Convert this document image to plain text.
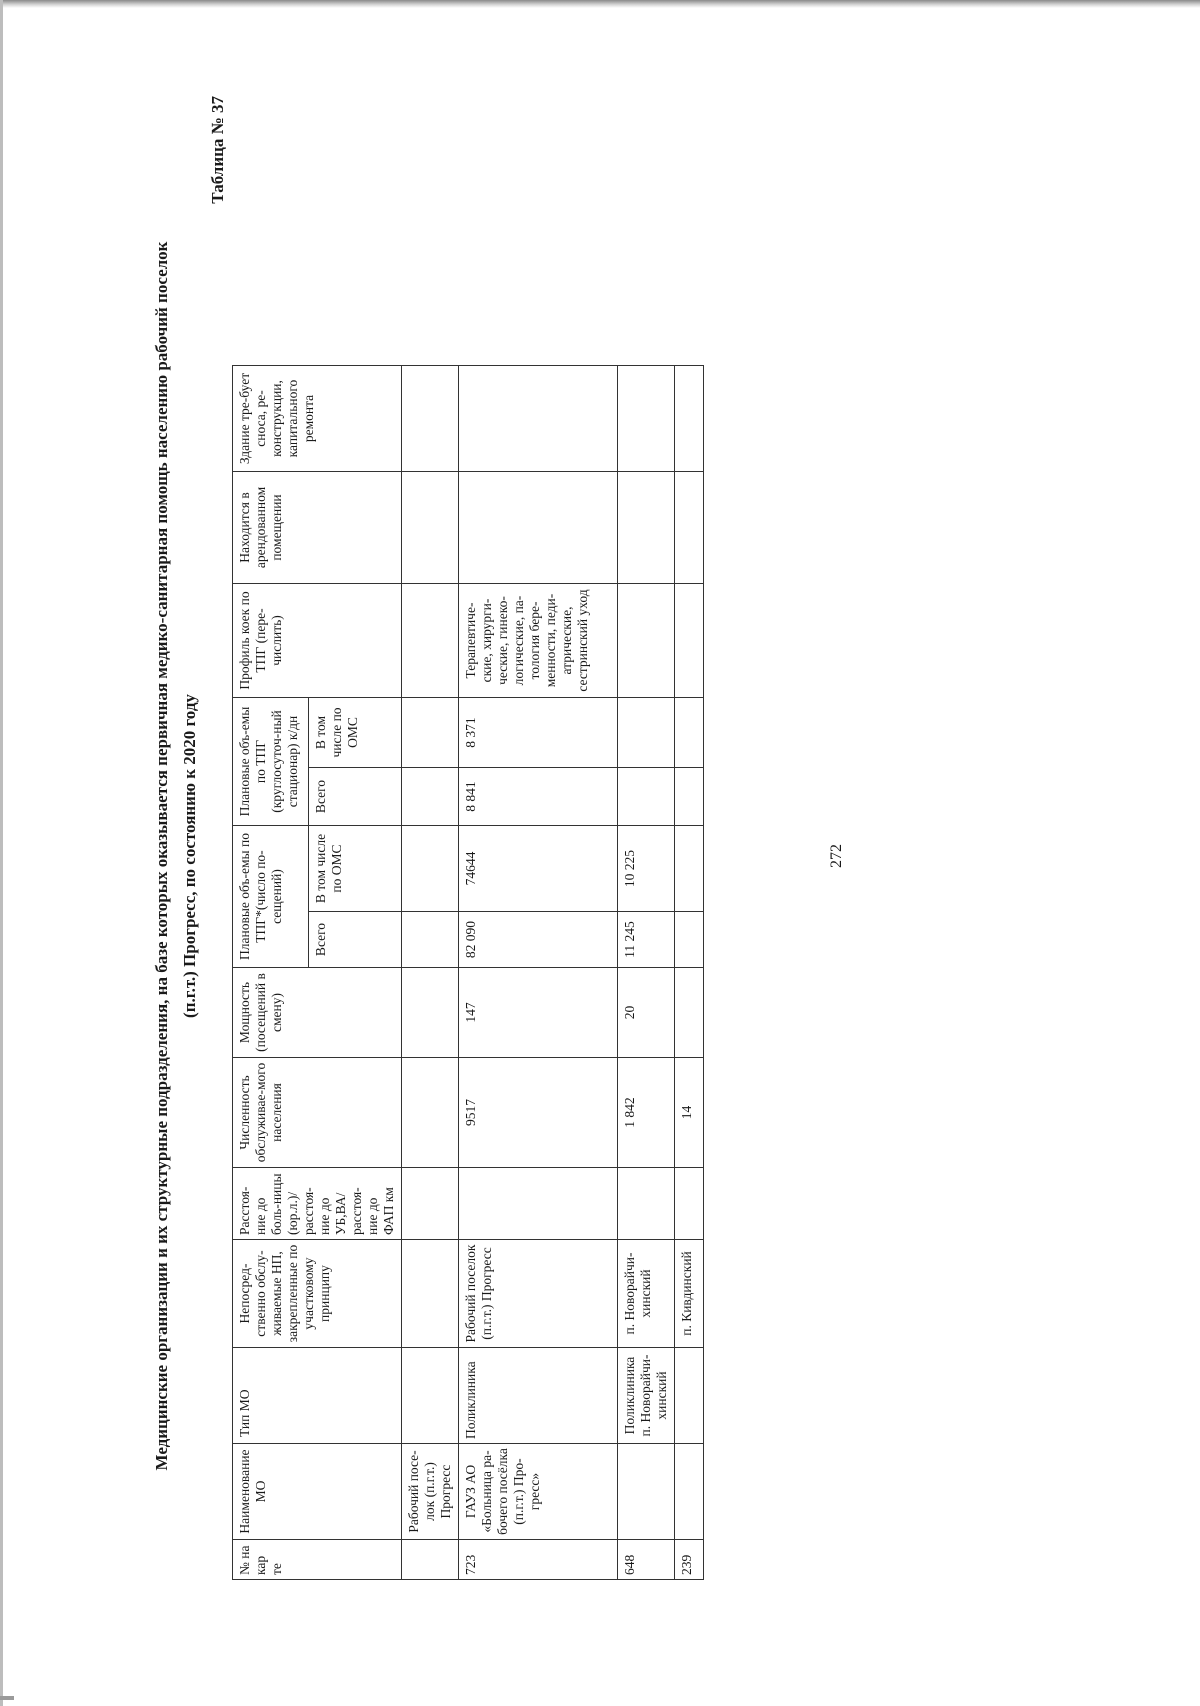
272
Медицинские организации и их структурные подразделения, на базе которых оказывается первичная медико-санитарная помощь населению рабочий поселок (п.г.т.) Прогресс, по состоянию к 2020 году
Таблица № 37
№ на кар те	Наименование МО	Тип МО	Непосред-ственно обслу-живаемые НП, закрепленные по участковому принципу	Расстоя-ние до боль-ницы (юр.л.)/ расстоя-ние до УБ,ВА/ расстоя-ние до ФАП км	Численность обслуживае-мого населения	Мощность (посещений в смену)	Плановые объ-емы по ТПГ*(число по-сещений)		Плановые объ-емы по ТПГ (круглосуточ-ный стационар) к/дн		Профиль коек по ТПГ (пере-числить)	Находится в арендованном помещении	Здание тре-бует сноса, ре-конструкции, капитального ремонта
							Всего	В том числе по ОМС	Всего	В том числе по ОМС			
	Рабочий посе-лок (п.г.т.) Прогресс												
723	ГАУЗ АО «Больница ра-бочего посёлка (п.г.т.) Про-гресс»	Поликлиника	Рабочий поселок (п.г.т.) Прогресс		9517	147	82 090	74644	8 841	8 371	Терапевтиче-ские, хирурги-ческие, гинеко-логические, па-тология бере-менности, педи-атрические, сестринский уход		
648		Поликлиника п. Новорайчи-хинский	п. Новорайчи-хинский		1 842	20	11 245	10 225					
239			п. Кивдинский		14								
